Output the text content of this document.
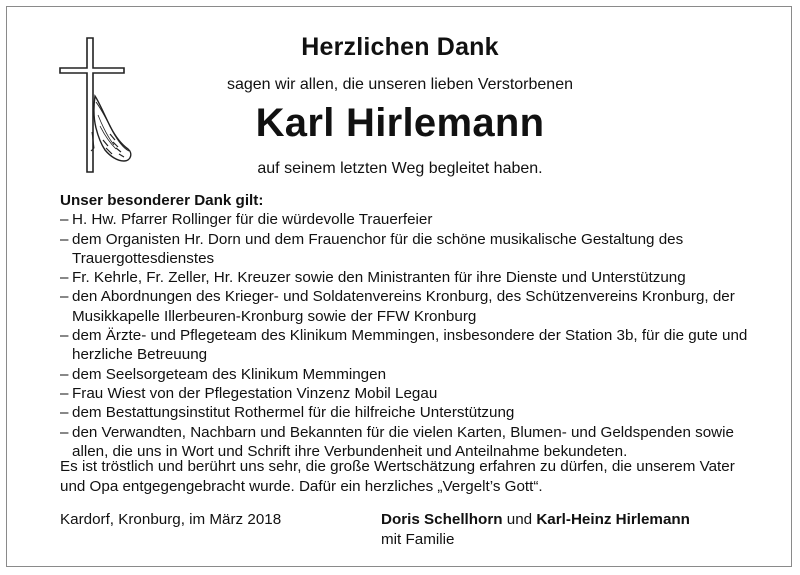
Herzlichen Dank
sagen wir allen, die unseren lieben Verstorbenen
Karl Hirlemann
auf seinem letzten Weg begleitet haben.
Unser besonderer Dank gilt:
– H. Hw. Pfarrer Rollinger für die würdevolle Trauerfeier
– dem Organisten Hr. Dorn und dem Frauenchor für die schöne musikalische Gestaltung des Trauergottesdienstes
– Fr. Kehrle, Fr. Zeller, Hr. Kreuzer sowie den Ministranten für ihre Dienste und Unterstützung
– den Abordnungen des Krieger- und Soldatenvereins Kronburg, des Schützenvereins Kronburg, der Musikkapelle Illerbeuren-Kronburg sowie der FFW Kronburg
– dem Ärzte- und Pflegeteam des Klinikum Memmingen, insbesondere der Station 3b, für die gute und herzliche Betreuung
– dem Seelsorgeteam des Klinikum Memmingen
– Frau Wiest von der Pflegestation Vinzenz Mobil Legau
– dem Bestattungsinstitut Rothermel für die hilfreiche Unterstützung
– den Verwandten, Nachbarn und Bekannten für die vielen Karten, Blumen- und Geldspenden sowie allen, die uns in Wort und Schrift ihre Verbundenheit und Anteilnahme bekundeten.
Es ist tröstlich und berührt uns sehr, die große Wertschätzung erfahren zu dürfen, die unserem Vater und Opa entgegengebracht wurde. Dafür ein herzliches „Vergelt’s Gott“.
Kardorf, Kronburg, im März 2018	Doris Schellhorn und Karl-Heinz Hirlemann
mit Familie
